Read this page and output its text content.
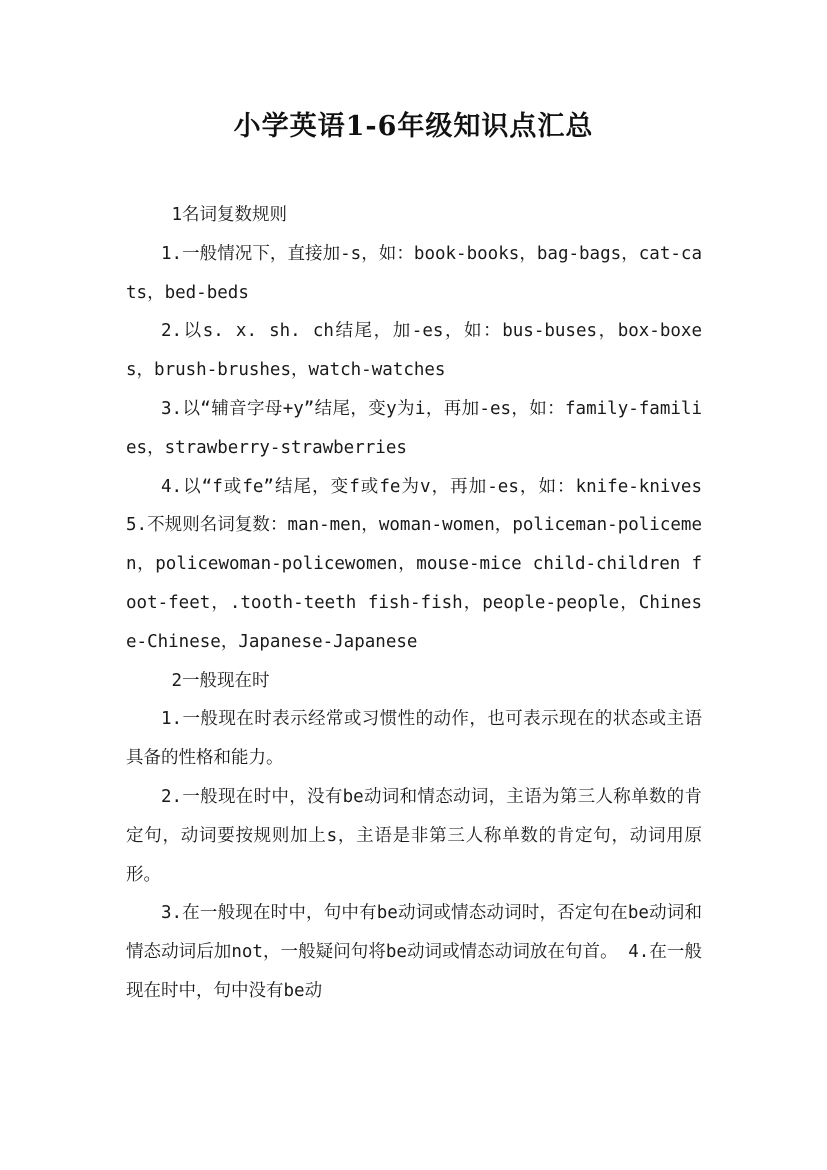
小学英语1-6年级知识点汇总

1名词复数规则

1.一般情况下，直接加-s，如：book-books，bag-bags，cat-cats，bed-beds

2.以s. x. sh. ch结尾，加-es，如：bus-buses，box-boxes，brush-brushes，watch-watches

3.以“辅音字母+y”结尾，变y为i，再加-es，如：family-families，strawberry-strawberries

4.以“f或fe”结尾，变f或fe为v，再加-es，如：knife-knives 5.不规则名词复数：man-men，woman-women，policeman-policemen，policewoman-policewomen，mouse-mice child-children foot-feet，.tooth-teeth fish-fish，people-people，Chinese-Chinese，Japanese-Japanese

2一般现在时

1.一般现在时表示经常或习惯性的动作，也可表示现在的状态或主语具备的性格和能力。

2.一般现在时中，没有be动词和情态动词，主语为第三人称单数的肯定句，动词要按规则加上s，主语是非第三人称单数的肯定句，动词用原形。

3.在一般现在时中，句中有be动词或情态动词时，否定句在be动词和情态动词后加not，一般疑问句将be动词或情态动词放在句首。 4.在一般现在时中，句中没有be动
